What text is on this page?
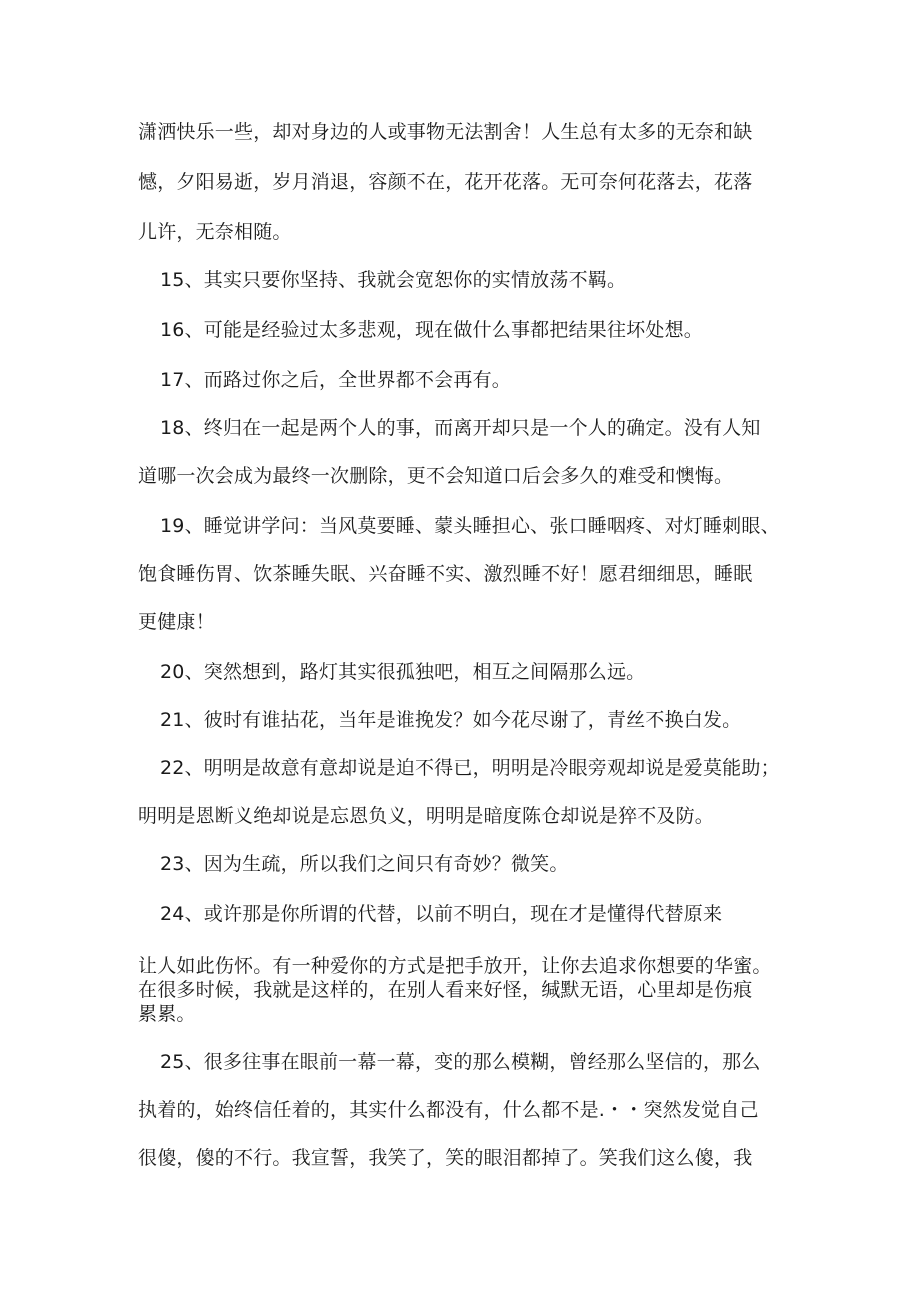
潇洒快乐一些，却对身边的人或事物无法割舍！人生总有太多的无奈和缺
憾，夕阳易逝，岁月消退，容颜不在，花开花落。无可奈何花落去，花落
儿许，无奈相随。
15、其实只要你坚持、我就会宽恕你的实情放荡不羁。
16、可能是经验过太多悲观，现在做什么事都把结果往坏处想。
17、而路过你之后，全世界都不会再有。
18、终归在一起是两个人的事，而离开却只是一个人的确定。没有人知
道哪一次会成为最终一次删除，更不会知道口后会多久的难受和懊悔。
19、睡觉讲学问：当风莫要睡、蒙头睡担心、张口睡咽疼、对灯睡刺眼、
饱食睡伤胃、饮茶睡失眠、兴奋睡不实、激烈睡不好！愿君细细思，睡眠
更健康！
20、突然想到，路灯其实很孤独吧，相互之间隔那么远。
21、彼时有谁拈花，当年是谁挽发？如今花尽谢了，青丝不换白发。
22、明明是故意有意却说是迫不得已，明明是冷眼旁观却说是爱莫能助；
明明是恩断义绝却说是忘恩负义，明明是暗度陈仓却说是猝不及防。
23、因为生疏，所以我们之间只有奇妙？微笑。
24、或许那是你所谓的代替，以前不明白，现在才是懂得代替原来
让人如此伤怀。有一种爱你的方式是把手放开，让你去追求你想要的华蜜。
在很多时候，我就是这样的，在别人看来好怪，缄默无语，心里却是伤痕
累累。
25、很多往事在眼前一幕一幕，变的那么模糊，曾经那么坚信的，那么
执着的，始终信任着的，其实什么都没有，什么都不是.・・突然发觉自己
很傻，傻的不行。我宣誓，我笑了，笑的眼泪都掉了。笑我们这么傻，我
